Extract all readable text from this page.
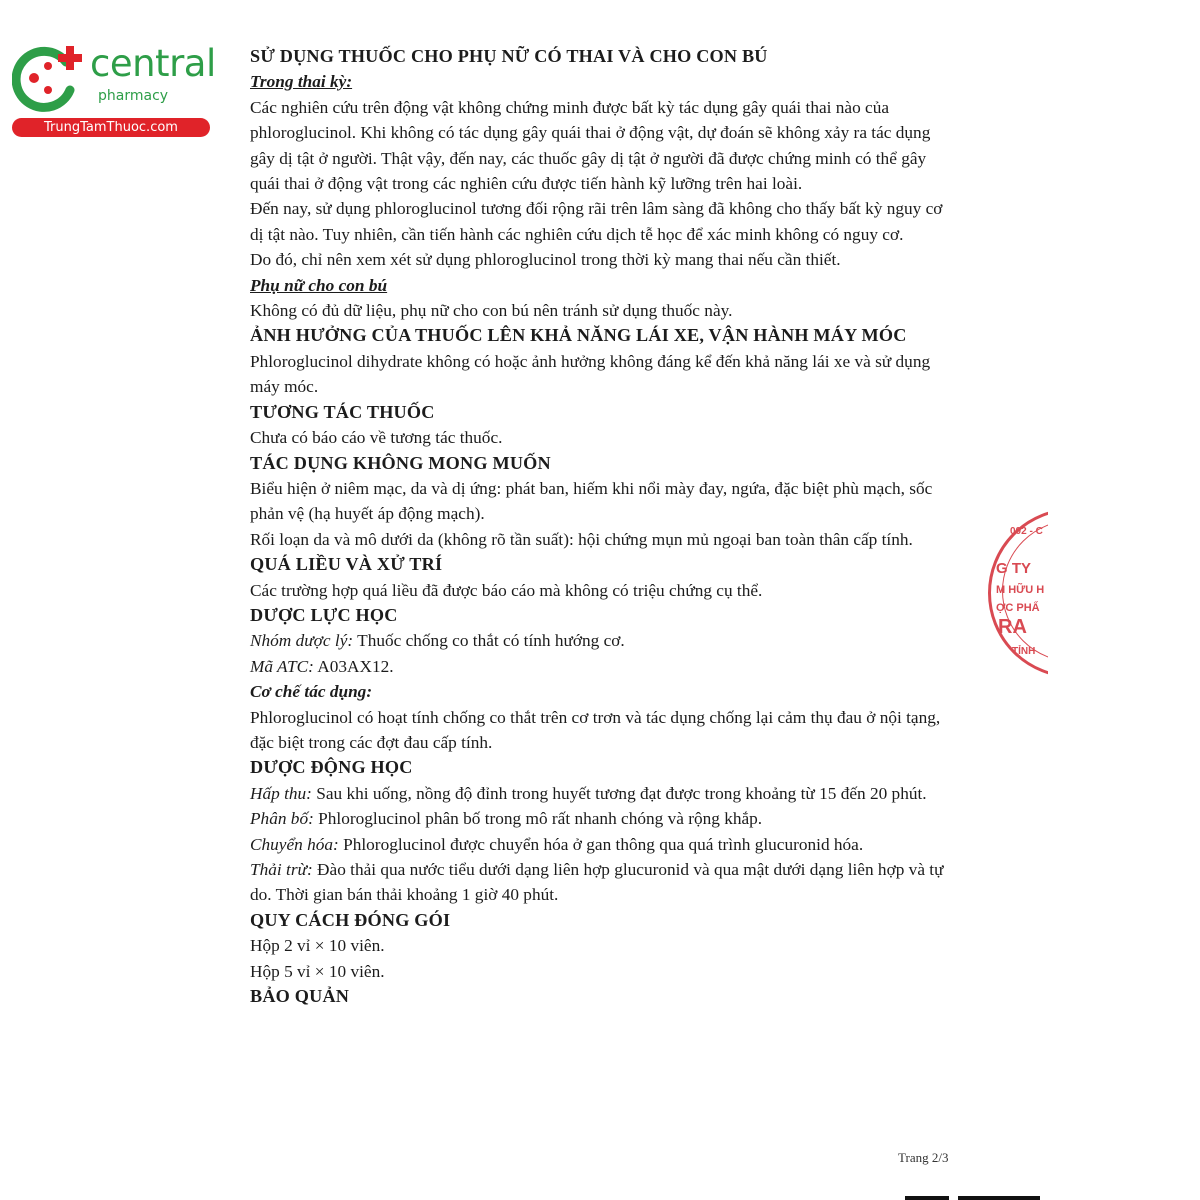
central
pharmacy
TrungTamThuoc.com

SỬ DỤNG THUỐC CHO PHỤ NỮ CÓ THAI VÀ CHO CON BÚ

Trong thai kỳ:

Các nghiên cứu trên động vật không chứng minh được bất kỳ tác dụng gây quái thai nào của phloroglucinol. Khi không có tác dụng gây quái thai ở động vật, dự đoán sẽ không xảy ra tác dụng gây dị tật ở người. Thật vậy, đến nay, các thuốc gây dị tật ở người đã được chứng minh có thể gây quái thai ở động vật trong các nghiên cứu được tiến hành kỹ lưỡng trên hai loài.

Đến nay, sử dụng phloroglucinol tương đối rộng rãi trên lâm sàng đã không cho thấy bất kỳ nguy cơ dị tật nào. Tuy nhiên, cần tiến hành các nghiên cứu dịch tễ học để xác minh không có nguy cơ.

Do đó, chỉ nên xem xét sử dụng phloroglucinol trong thời kỳ mang thai nếu cần thiết.

Phụ nữ cho con bú

Không có đủ dữ liệu, phụ nữ cho con bú nên tránh sử dụng thuốc này.

ẢNH HƯỞNG CỦA THUỐC LÊN KHẢ NĂNG LÁI XE, VẬN HÀNH MÁY MÓC

Phloroglucinol dihydrate không có hoặc ảnh hưởng không đáng kể đến khả năng lái xe và sử dụng máy móc.

TƯƠNG TÁC THUỐC

Chưa có báo cáo về tương tác thuốc.

TÁC DỤNG KHÔNG MONG MUỐN

Biểu hiện ở niêm mạc, da và dị ứng: phát ban, hiếm khi nổi mày đay, ngứa, đặc biệt phù mạch, sốc phản vệ (hạ huyết áp động mạch).

Rối loạn da và mô dưới da (không rõ tần suất): hội chứng mụn mủ ngoại ban toàn thân cấp tính.

QUÁ LIỀU VÀ XỬ TRÍ

Các trường hợp quá liều đã được báo cáo mà không có triệu chứng cụ thể.

DƯỢC LỰC HỌC

Nhóm dược lý: Thuốc chống co thắt có tính hướng cơ.

Mã ATC: A03AX12.

Cơ chế tác dụng:

Phloroglucinol có hoạt tính chống co thắt trên cơ trơn và tác dụng chống lại cảm thụ đau ở nội tạng, đặc biệt trong các đợt đau cấp tính.

DƯỢC ĐỘNG HỌC

Hấp thu: Sau khi uống, nồng độ đỉnh trong huyết tương đạt được trong khoảng từ 15 đến 20 phút.

Phân bố: Phloroglucinol phân bố trong mô rất nhanh chóng và rộng khắp.

Chuyển hóa: Phloroglucinol được chuyển hóa ở gan thông qua quá trình glucuronid hóa.

Thải trừ: Đào thải qua nước tiểu dưới dạng liên hợp glucuronid và qua mật dưới dạng liên hợp và tự do. Thời gian bán thải khoảng 1 giờ 40 phút.

QUY CÁCH ĐÓNG GÓI

Hộp 2 vỉ × 10 viên.

Hộp 5 vỉ × 10 viên.

BẢO QUẢN

002 - C
G TY
M HỮU H
ỢC PHẨ
RA
TỈNH
Trang 2/3
